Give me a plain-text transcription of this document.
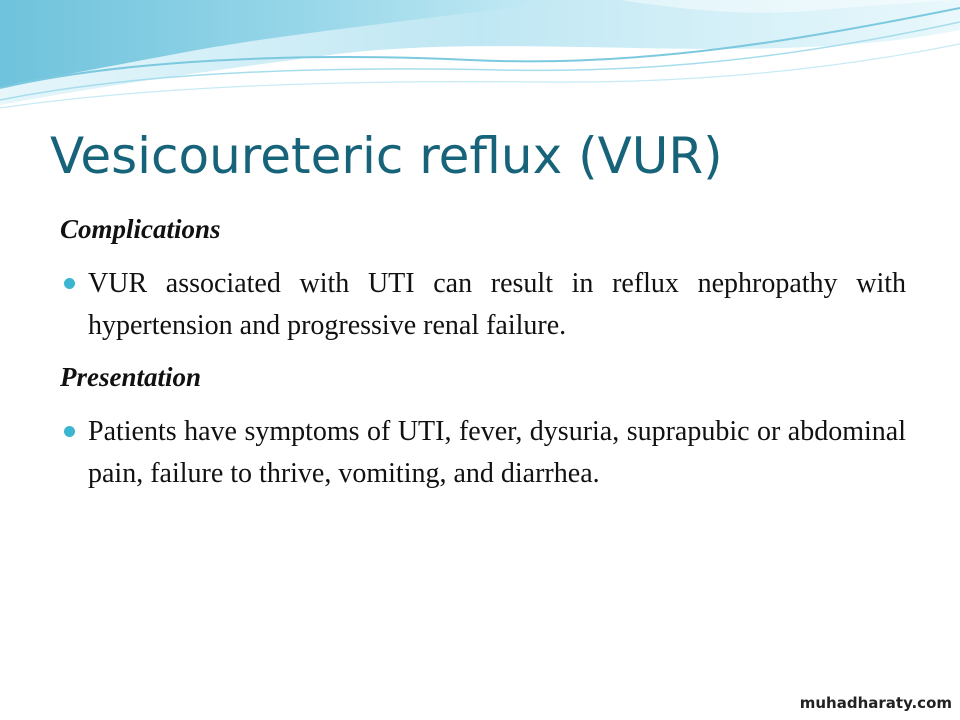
Vesicoureteric reflux (VUR)

Complications

VUR associated with UTI can result in reflux nephropathy with hypertension and progressive renal failure.

Presentation

Patients have symptoms of UTI, fever, dysuria, suprapubic or abdominal pain, failure to thrive, vomiting, and diarrhea.
muhadharaty.com
